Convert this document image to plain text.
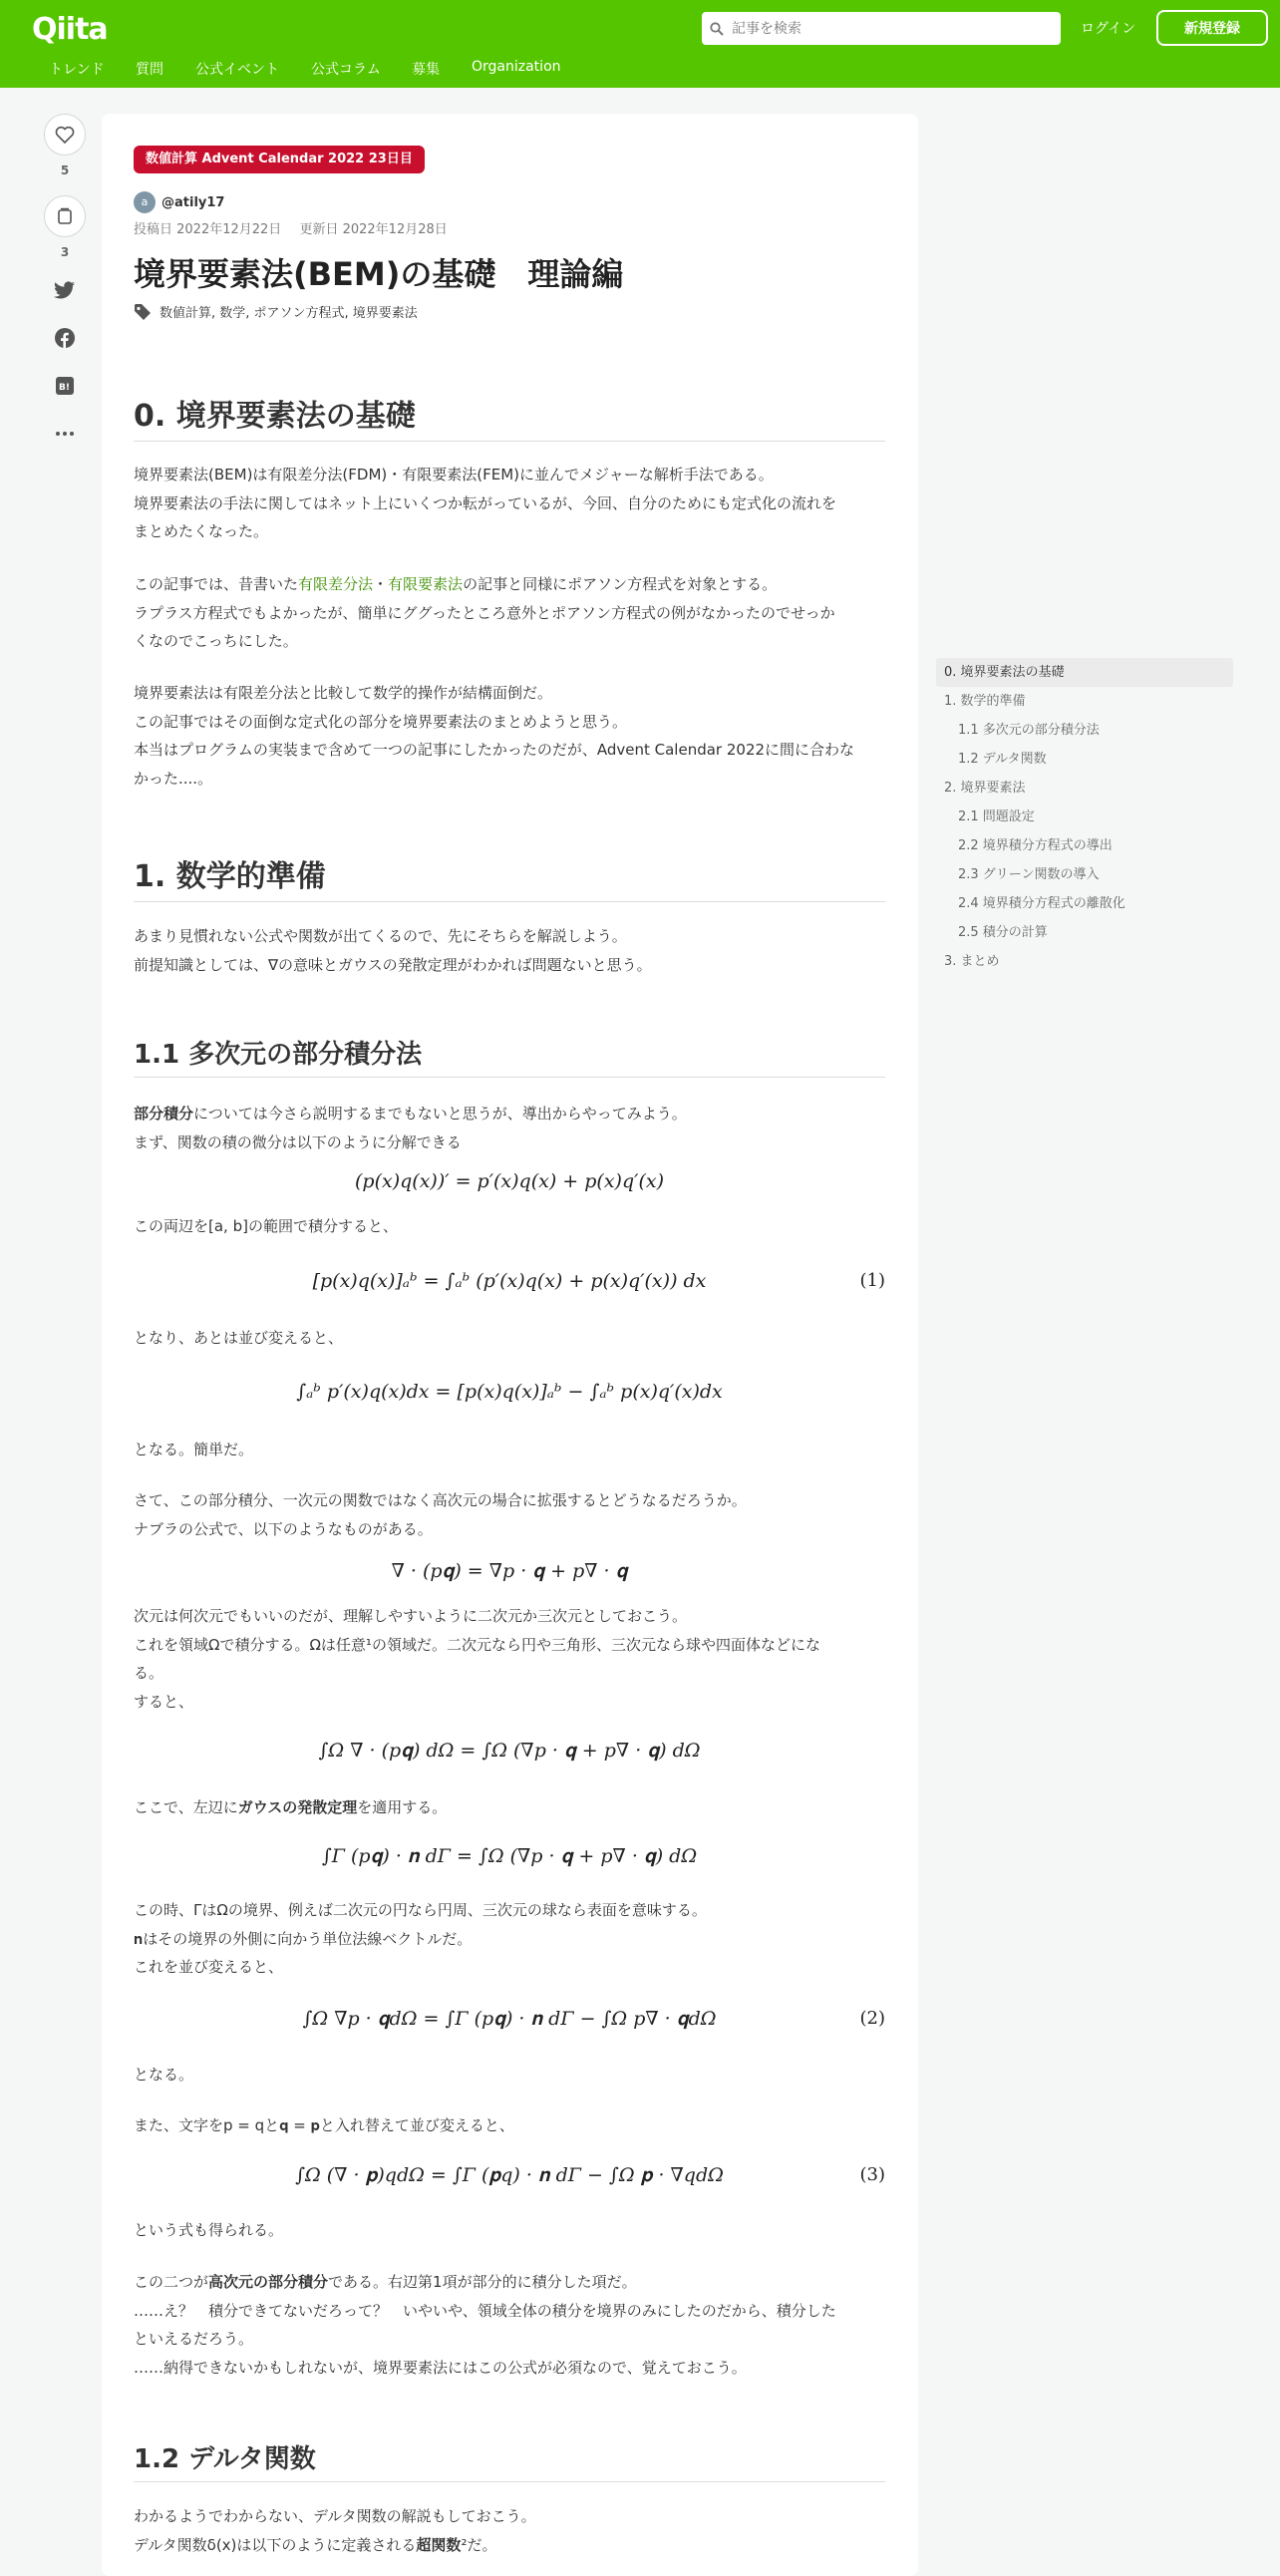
Qiita
記事を検索	ログイン	新規登録
トレンド 質問 公式イベント 公式コラム 募集 Organization
5
3
B!
数値計算 Advent Calendar 2022 23日目
a	@atily17
投稿日 2022年12月22日 更新日 2022年12月28日
境界要素法(BEM)の基礎　理論編
数値計算, 数学, ポアソン方程式, 境界要素法
0. 境界要素法の基礎
境界要素法(BEM)は有限差分法(FDM)・有限要素法(FEM)に並んでメジャーな解析手法である。
境界要素法の手法に関してはネット上にいくつか転がっているが、今回、自分のためにも定式化の流れを
まとめたくなった。
この記事では、昔書いた有限差分法・有限要素法の記事と同様にポアソン方程式を対象とする。
ラプラス方程式でもよかったが、簡単にググったところ意外とポアソン方程式の例がなかったのでせっか
くなのでこっちにした。
境界要素法は有限差分法と比較して数学的操作が結構面倒だ。
この記事ではその面倒な定式化の部分を境界要素法のまとめようと思う。
本当はプログラムの実装まで含めて一つの記事にしたかったのだが、Advent Calendar 2022に間に合わな
かった....。
1. 数学的準備
あまり見慣れない公式や関数が出てくるので、先にそちらを解説しよう。
前提知識としては、∇の意味とガウスの発散定理がわかれば問題ないと思う。
1.1 多次元の部分積分法
部分積分については今さら説明するまでもないと思うが、導出からやってみよう。
まず、関数の積の微分は以下のように分解できる
(p(x)q(x))′ = p′(x)q(x) + p(x)q′(x)
この両辺を[a, b]の範囲で積分すると、
[p(x)q(x)]ₐᵇ = ∫ₐᵇ (p′(x)q(x) + p(x)q′(x)) dx	(1)
となり、あとは並び変えると、
∫ₐᵇ p′(x)q(x)dx = [p(x)q(x)]ₐᵇ − ∫ₐᵇ p(x)q′(x)dx
となる。簡単だ。
さて、この部分積分、一次元の関数ではなく高次元の場合に拡張するとどうなるだろうか。
ナブラの公式で、以下のようなものがある。
∇ · (p𝐪) = ∇p · 𝐪 + p∇ · 𝐪
次元は何次元でもいいのだが、理解しやすいように二次元か三次元としておこう。
これを領域Ωで積分する。Ωは任意¹の領域だ。二次元なら円や三角形、三次元なら球や四面体などにな
る。
すると、
∫Ω ∇ · (p𝐪) dΩ = ∫Ω (∇p · 𝐪 + p∇ · 𝐪) dΩ
ここで、左辺にガウスの発散定理を適用する。
∫Γ (p𝐪) · 𝐧 dΓ = ∫Ω (∇p · 𝐪 + p∇ · 𝐪) dΩ
この時、ΓはΩの境界、例えば二次元の円なら円周、三次元の球なら表面を意味する。
𝐧はその境界の外側に向かう単位法線ベクトルだ。
これを並び変えると、
∫Ω ∇p · 𝐪dΩ = ∫Γ (p𝐪) · 𝐧 dΓ − ∫Ω p∇ · 𝐪dΩ	(2)
となる。
また、文字をp = qと𝐪 = 𝐩と入れ替えて並び変えると、
∫Ω (∇ · 𝐩)qdΩ = ∫Γ (𝐩q) · 𝐧 dΓ − ∫Ω 𝐩 · ∇qdΩ	(3)
という式も得られる。
この二つが高次元の部分積分である。右辺第1項が部分的に積分した項だ。
……え？　積分できてないだろって？　いやいや、領域全体の積分を境界のみにしたのだから、積分した
といえるだろう。
……納得できないかもしれないが、境界要素法にはこの公式が必須なので、覚えておこう。
1.2 デルタ関数
わかるようでわからない、デルタ関数の解説もしておこう。
デルタ関数δ(x)は以下のように定義される超関数²だ。
0. 境界要素法の基礎
1. 数学的準備
1.1 多次元の部分積分法
1.2 デルタ関数
2. 境界要素法
2.1 問題設定
2.2 境界積分方程式の導出
2.3 グリーン関数の導入
2.4 境界積分方程式の離散化
2.5 積分の計算
3. まとめ
